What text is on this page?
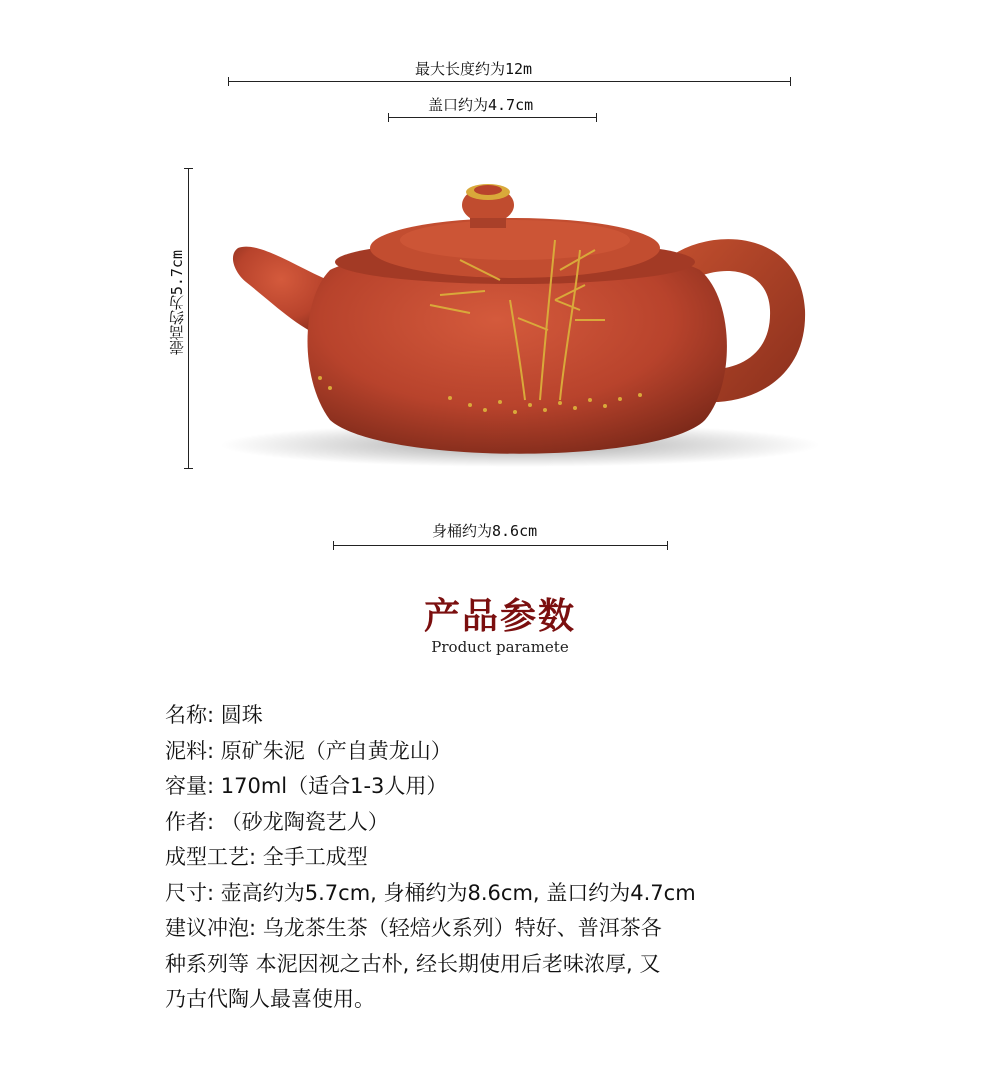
最大长度约为12m
盖口约为4.7cm
壶高约为5.7cm
身桶约为8.6cm
产品参数
Product paramete
名称: 圆珠
泥料: 原矿朱泥（产自黄龙山）
容量: 170ml（适合1-3人用）
作者: （砂龙陶瓷艺人）
成型工艺: 全手工成型
尺寸: 壶高约为5.7cm, 身桶约为8.6cm, 盖口约为4.7cm
建议冲泡: 乌龙茶生茶（轻焙火系列）特好、普洱茶各
种系列等 本泥因视之古朴, 经长期使用后老味浓厚, 又
乃古代陶人最喜使用。
